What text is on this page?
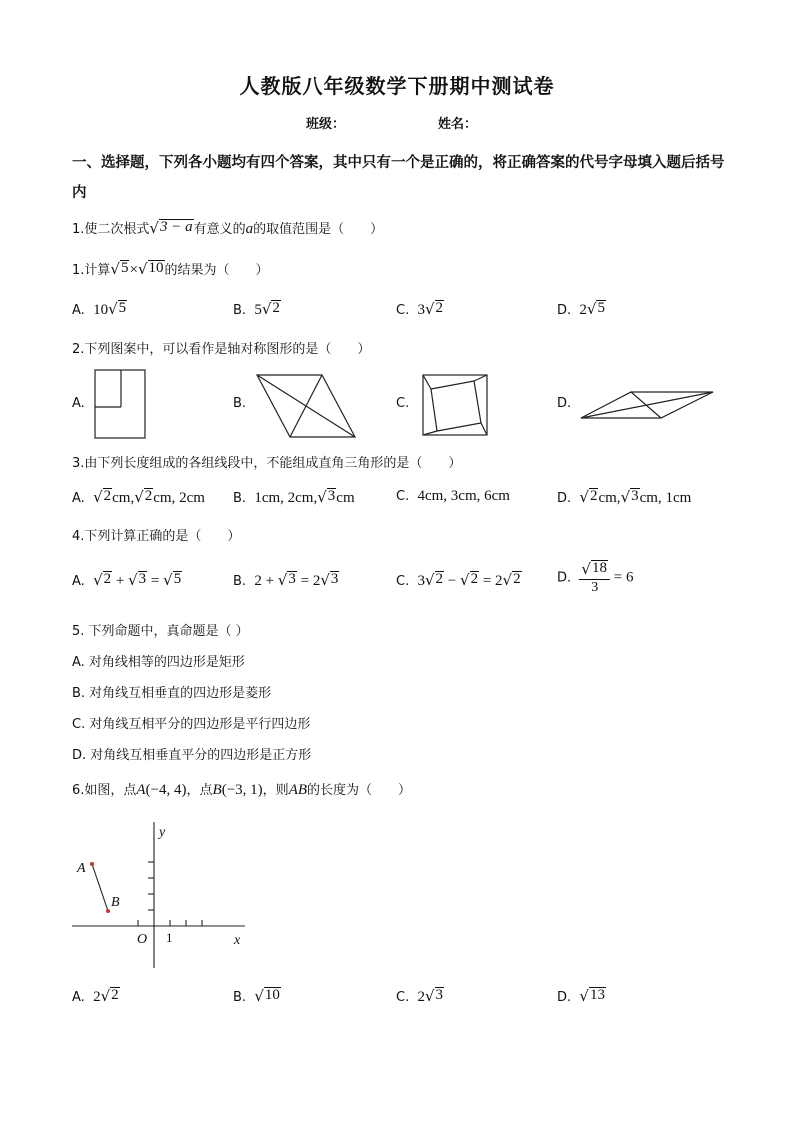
人教版八年级数学下册期中测试卷
班级：	姓名：
一、选择题，下列各小题均有四个答案，其中只有一个是正确的，将正确答案的代号字母填入题后括号内
1.使二次根式 √ 3 − a 有意义的a的取值范围是（　　）
1.计算 √ 5 × √ 10 的结果为（　　）
A. 10 √ 5	B. 5 √ 2	C. 3 √ 2	D. 2 √ 5
2.下列图案中，可以看作是轴对称图形的是（　　）
A.	B.	C.	D.
3.由下列长度组成的各组线段中，不能组成直角三角形的是（　　）
A. √ 2 cm, √ 2 cm, 2cm B. 1cm, 2cm, √ 3 cm	C. 4cm, 3cm, 6cm	D. √ 2 cm, √ 3 cm, 1cm
4.下列计算正确的是（　　）
A. √ 2 + √ 3 = √ 5	B. 2 + √ 3 = 2 √ 3	C. 3 √ 2 − √ 2 = 2 √ 2	D. $\frac{√ 18}{3} = 6$
5. 下列命题中，真命题是（ ）
A. 对角线相等的四边形是矩形
B. 对角线互相垂直的四边形是菱形
C. 对角线互相平分的四边形是平行四边形
D. 对角线互相垂直平分的四边形是正方形
6.如图，点A(−4, 4)，点B(−3, 1)，则AB的长度为（　　）
y
x
O
A
B
1
A. 2 √ 2	B. √ 10	C. 2 √ 3	D. √ 13
